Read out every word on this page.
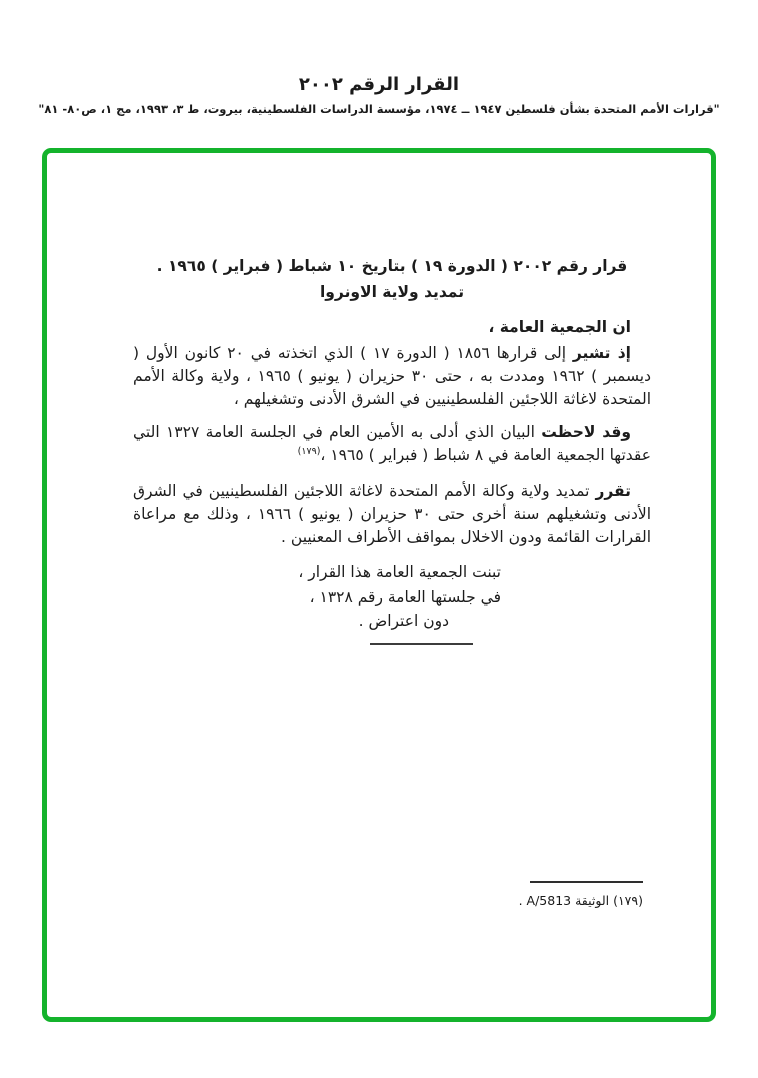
القرار الرقم ٢٠٠٢
"قرارات الأمم المتحدة بشأن فلسطين ١٩٤٧ ــ ١٩٧٤، مؤسسة الدراسات الفلسطينية، بيروت، ط ٣، ١٩٩٣، مج ١، ص٨٠- ٨١"
قرار رقم ٢٠٠٢ ( الدورة ١٩ ) بتاريخ ١٠ شباط ( فبراير ) ١٩٦٥ .
تمديد ولاية الاونروا

ان الجمعية العامة ،

إذ تشير إلى قرارها ١٨٥٦ ( الدورة ١٧ ) الذي اتخذته في ٢٠ كانون الأول ( ديسمبر ) ١٩٦٢ ومددت به ، حتى ٣٠ حزيران ( يونيو ) ١٩٦٥ ، ولاية وكالة الأمم المتحدة لاغاثة اللاجئين الفلسطينيين في الشرق الأدنى وتشغيلهم ،

وقد لاحظت البيان الذي أدلى به الأمين العام في الجلسة العامة ١٣٢٧ التي عقدتها الجمعية العامة في ٨ شباط ( فبراير ) ١٩٦٥ ،$^{(١٧٩)}$

تقرر تمديد ولاية وكالة الأمم المتحدة لاغاثة اللاجئين الفلسطينيين في الشرق الأدنى وتشغيلهم سنة أخرى حتى ٣٠ حزيران ( يونيو ) ١٩٦٦ ، وذلك مع مراعاة القرارات القائمة ودون الاخلال بمواقف الأطراف المعنيين .

تبنت الجمعية العامة هذا القرار ،
في جلستها العامة رقم ١٣٢٨ ،
دون اعتراض .
(١٧٩) الوثيقة A/5813 .
